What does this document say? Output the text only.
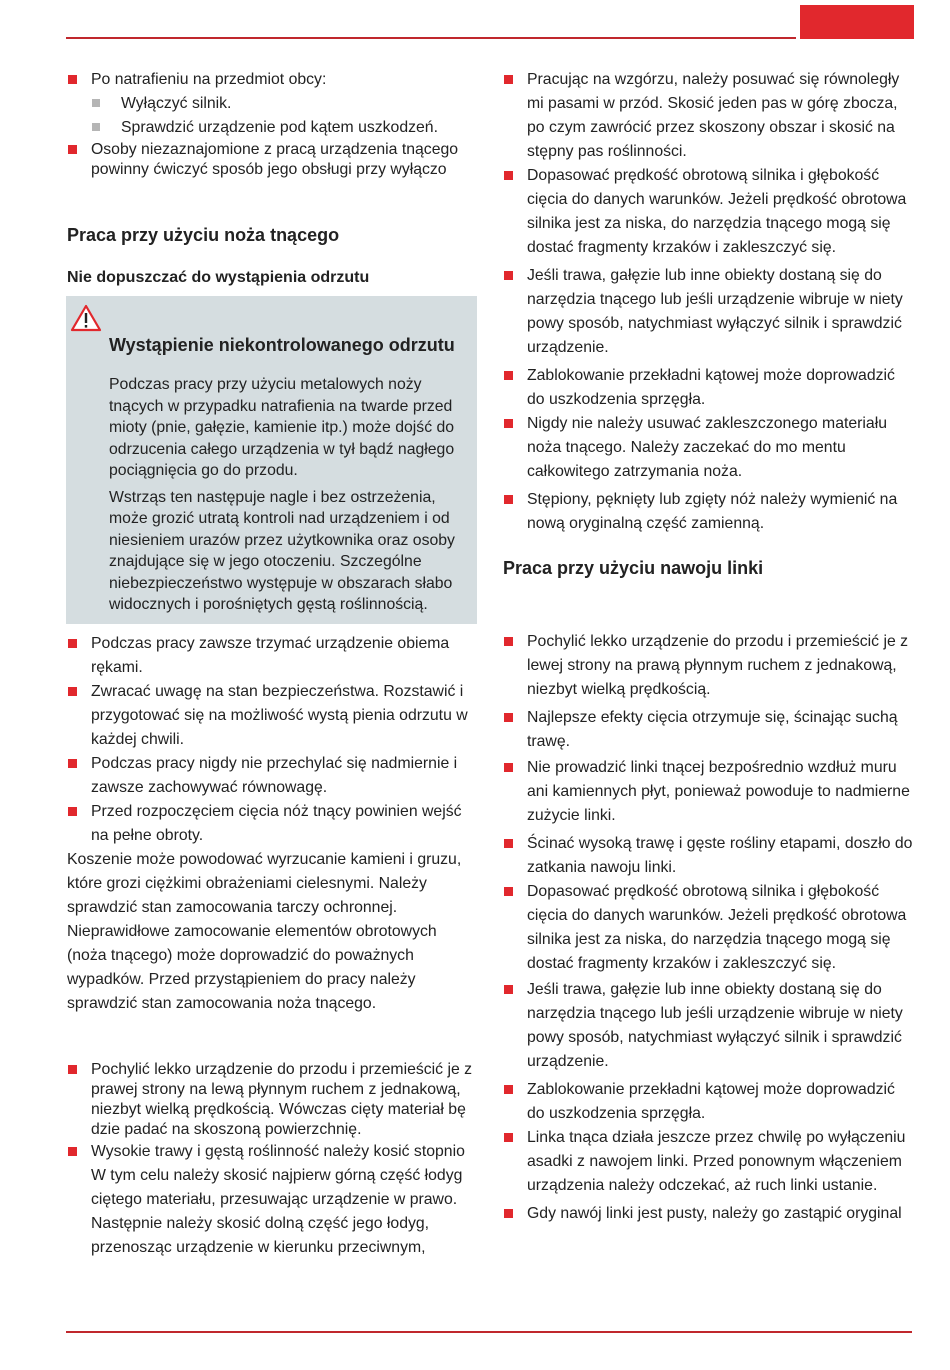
Po natrafieniu na przedmiot obcy:
Wyłączyć silnik.
Sprawdzić urządzenie pod kątem uszkodzeń.
Osoby niezaznajomione z pracą urządzenia tnącego powinny ćwiczyć sposób jego obsługi przy wyłączo
Praca przy użyciu noża tnącego
Nie dopuszczać do wystąpienia odrzutu
Wystąpienie niekontrolowanego odrzutu

Podczas pracy przy użyciu metalowych noży tnących w przypadku natrafienia na twarde przed mioty (pnie, gałęzie, kamienie itp.) może dojść do odrzucenia całego urządzenia w tył bądź nagłego pociągnięcia go do przodu.

Wstrząs ten następuje nagle i bez ostrzeżenia, może grozić utratą kontroli nad urządzeniem i od niesieniem urazów przez użytkownika oraz osoby znajdujące się w jego otoczeniu. Szczególne niebezpieczeństwo występuje w obszarach słabo widocznych i porośniętych gęstą roślinnością.

Podczas pracy zawsze trzymać urządzenie obiema rękami.
Zwracać uwagę na stan bezpieczeństwa. Rozstawić i przygotować się na możliwość wystą pienia odrzutu w każdej chwili.
Podczas pracy nigdy nie przechylać się nadmiernie i zawsze zachowywać równowagę.
Przed rozpoczęciem cięcia nóż tnący powinien wejść na pełne obroty.
Koszenie może powodować wyrzucanie kamieni i gruzu, które grozi ciężkimi obrażeniami cielesnymi. Należy sprawdzić stan zamocowania tarczy ochronnej. Nieprawidłowe zamocowanie elementów obrotowych (noża tnącego) może doprowadzić do poważnych wypadków. Przed przystąpieniem do pracy należy sprawdzić stan zamocowania noża tnącego.
Pochylić lekko urządzenie do przodu i przemieścić je z prawej strony na lewą płynnym ruchem z jednakową, niezbyt wielką prędkością. Wówczas cięty materiał bę dzie padać na skoszoną powierzchnię.
Wysokie trawy i gęstą roślinność należy kosić stopnio W tym celu należy skosić najpierw górną część łodyg ciętego materiału, przesuwając urządzenie w prawo. Następnie należy skosić dolną część jego łodyg, przenosząc urządzenie w kierunku przeciwnym,
Pracując na wzgórzu, należy posuwać się równoległy mi pasami w przód. Skosić jeden pas w górę zbocza, po czym zawrócić przez skoszony obszar i skosić na stępny pas roślinności.
Dopasować prędkość obrotową silnika i głębokość cięcia do danych warunków. Jeżeli prędkość obrotowa silnika jest za niska, do narzędzia tnącego mogą się dostać fragmenty krzaków i zakleszczyć się.
Jeśli trawa, gałęzie lub inne obiekty dostaną się do narzędzia tnącego lub jeśli urządzenie wibruje w niety powy sposób, natychmiast wyłączyć silnik i sprawdzić urządzenie.
Zablokowanie przekładni kątowej może doprowadzić do uszkodzenia sprzęgła.
Nigdy nie należy usuwać zakleszczonego materiału noża tnącego. Należy zaczekać do mo mentu całkowitego zatrzymania noża.
Stępiony, pęknięty lub zgięty nóż należy wymienić na nową oryginalną część zamienną.
Praca przy użyciu nawoju linki
Pochylić lekko urządzenie do przodu i przemieścić je z lewej strony na prawą płynnym ruchem z jednakową, niezbyt wielką prędkością.
Najlepsze efekty cięcia otrzymuje się, ścinając suchą trawę.
Nie prowadzić linki tnącej bezpośrednio wzdłuż muru ani kamiennych płyt, ponieważ powoduje to nadmierne zużycie linki.
Ścinać wysoką trawę i gęste rośliny etapami, doszło do zatkania nawoju linki.
Dopasować prędkość obrotową silnika i głębokość cięcia do danych warunków. Jeżeli prędkość obrotowa silnika jest za niska, do narzędzia tnącego mogą się dostać fragmenty krzaków i zakleszczyć się.
Jeśli trawa, gałęzie lub inne obiekty dostaną się do narzędzia tnącego lub jeśli urządzenie wibruje w niety powy sposób, natychmiast wyłączyć silnik i sprawdzić urządzenie.
Zablokowanie przekładni kątowej może doprowadzić do uszkodzenia sprzęgła.
Linka tnąca działa jeszcze przez chwilę po wyłączeniu asadki z nawojem linki. Przed ponownym włączeniem urządzenia należy odczekać, aż ruch linki ustanie.
Gdy nawój linki jest pusty, należy go zastąpić oryginal
